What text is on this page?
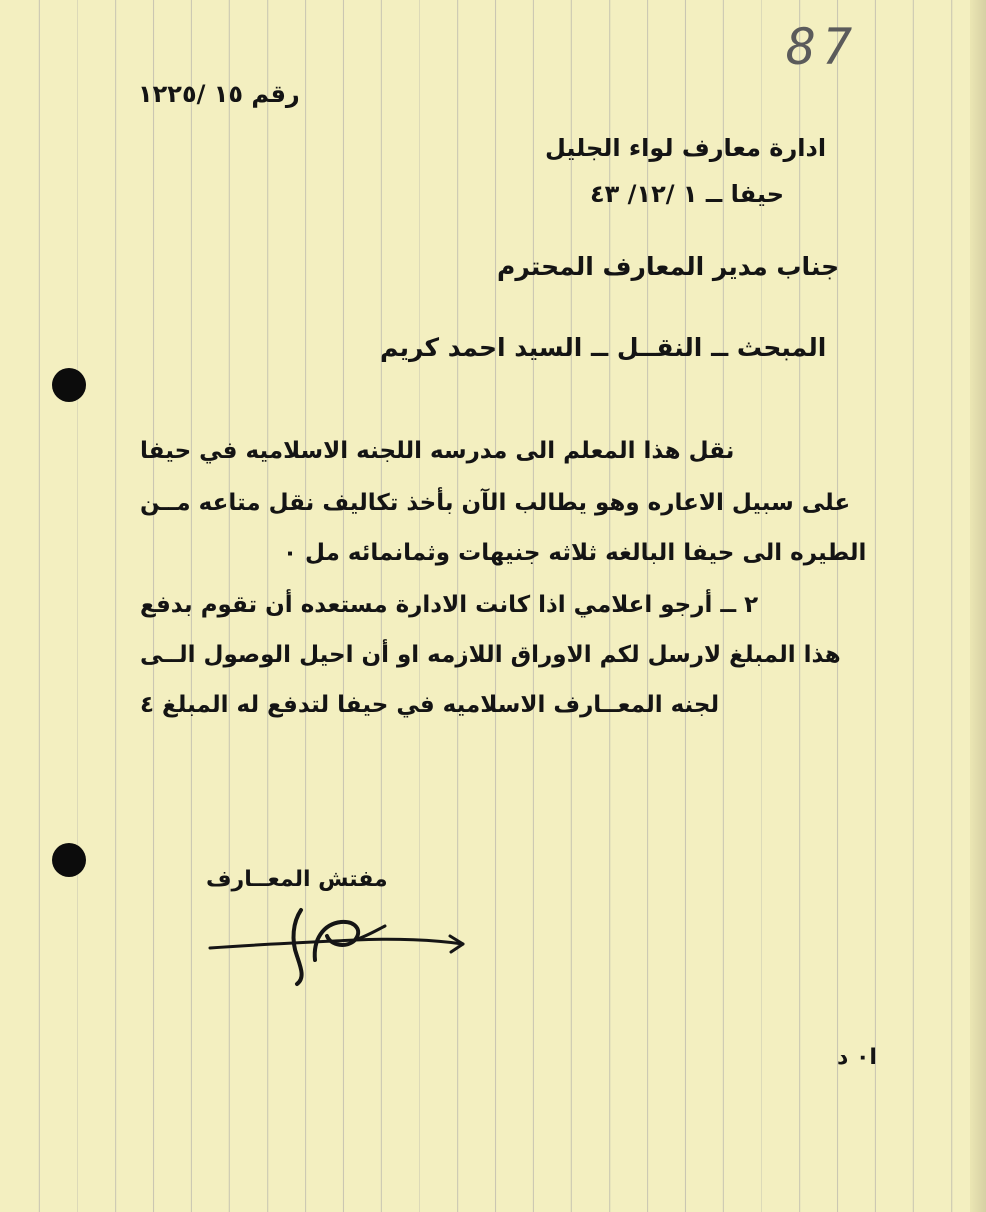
87
رقم ١٥ /١٢٢٥
ادارة معارف لواء الجليل
حيفا ــ ١ /١٢/ ٤٣
جناب مدير المعارف المحترم
المبحث ــ النقــل ــ السيد احمد كريم
نقل هذا المعلم الى مدرسه اللجنه الاسلاميه في حيفا
على سبيل الاعاره وهو يطالب الآن بأخذ تكاليف نقل متاعه مــن
الطيره الى حيفا البالغه ثلاثه جنيهات وثمانمائه مل ٠
٢ ــ أرجو اعلامي اذا كانت الادارة مستعده أن تقوم بدفع
هذا المبلغ لارسل لكم الاوراق اللازمه او أن احيل الوصول الــى
لجنه المعــارف الاسلاميه في حيفا لتدفع له المبلغ ٤
مفتش المعــارف
ا٠ د
